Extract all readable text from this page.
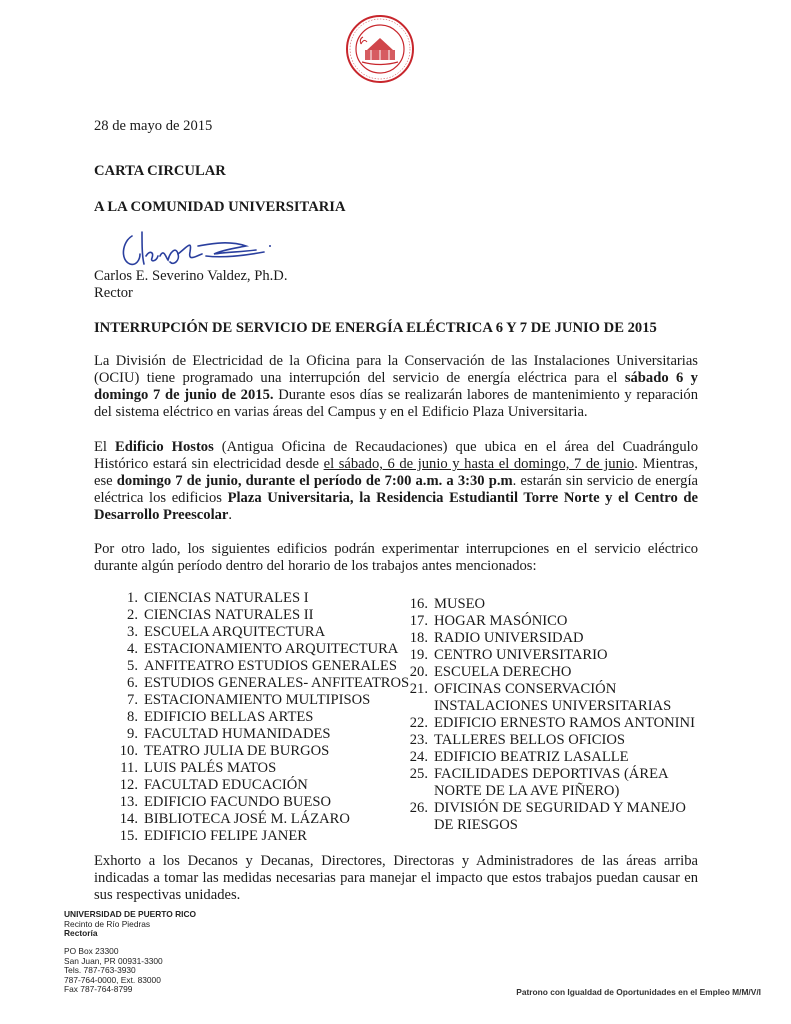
28 de mayo de 2015
CARTA CIRCULAR
A LA COMUNIDAD UNIVERSITARIA
Carlos E. Severino Valdez, Ph.D.
Rector
INTERRUPCIÓN DE SERVICIO DE ENERGÍA ELÉCTRICA 6 Y 7 DE JUNIO DE 2015
La División de Electricidad de la Oficina para la Conservación de las Instalaciones Universitarias (OCIU) tiene programado una interrupción del servicio de energía eléctrica para el sábado 6 y domingo 7 de junio de 2015. Durante esos días se realizarán labores de mantenimiento y reparación del sistema eléctrico en varias áreas del Campus y en el Edificio Plaza Universitaria.
El Edificio Hostos (Antigua Oficina de Recaudaciones) que ubica en el área del Cuadrángulo Histórico estará sin electricidad desde el sábado, 6 de junio y hasta el domingo, 7 de junio. Mientras, ese domingo 7 de junio, durante el período de 7:00 a.m. a 3:30 p.m. estarán sin servicio de energía eléctrica los edificios Plaza Universitaria, la Residencia Estudiantil Torre Norte y el Centro de Desarrollo Preescolar.
Por otro lado, los siguientes edificios podrán experimentar interrupciones en el servicio eléctrico durante algún período dentro del horario de los trabajos antes mencionados:
1. CIENCIAS NATURALES I
2. CIENCIAS NATURALES II
3. ESCUELA ARQUITECTURA
4. ESTACIONAMIENTO ARQUITECTURA
5. ANFITEATRO ESTUDIOS GENERALES
6. ESTUDIOS GENERALES- ANFITEATROS
7. ESTACIONAMIENTO MULTIPISOS
8. EDIFICIO BELLAS ARTES
9. FACULTAD HUMANIDADES
10. TEATRO JULIA DE BURGOS
11. LUIS PALÉS MATOS
12. FACULTAD EDUCACIÓN
13. EDIFICIO FACUNDO BUESO
14. BIBLIOTECA JOSÉ M. LÁZARO
15. EDIFICIO FELIPE JANER
16. MUSEO
17. HOGAR MASÓNICO
18. RADIO UNIVERSIDAD
19. CENTRO UNIVERSITARIO
20. ESCUELA DERECHO
21. OFICINAS CONSERVACIÓN
INSTALACIONES UNIVERSITARIAS
22. EDIFICIO ERNESTO RAMOS ANTONINI
23. TALLERES BELLOS OFICIOS
24. EDIFICIO BEATRIZ LASALLE
25. FACILIDADES DEPORTIVAS (ÁREA
NORTE DE LA AVE PIÑERO)
26. DIVISIÓN DE SEGURIDAD Y MANEJO
DE RIESGOS
Exhorto a los Decanos y Decanas, Directores, Directoras y Administradores de las áreas arriba indicadas a tomar las medidas necesarias para manejar el impacto que estos trabajos puedan causar en sus respectivas unidades.
UNIVERSIDAD DE PUERTO RICO
Recinto de Río Piedras
Rectoría
PO Box 23300
San Juan, PR 00931-3300
Tels. 787-763-3930
787-764-0000, Ext. 83000
Fax 787-764-8799	Patrono con Igualdad de Oportunidades en el Empleo M/M/V/I
